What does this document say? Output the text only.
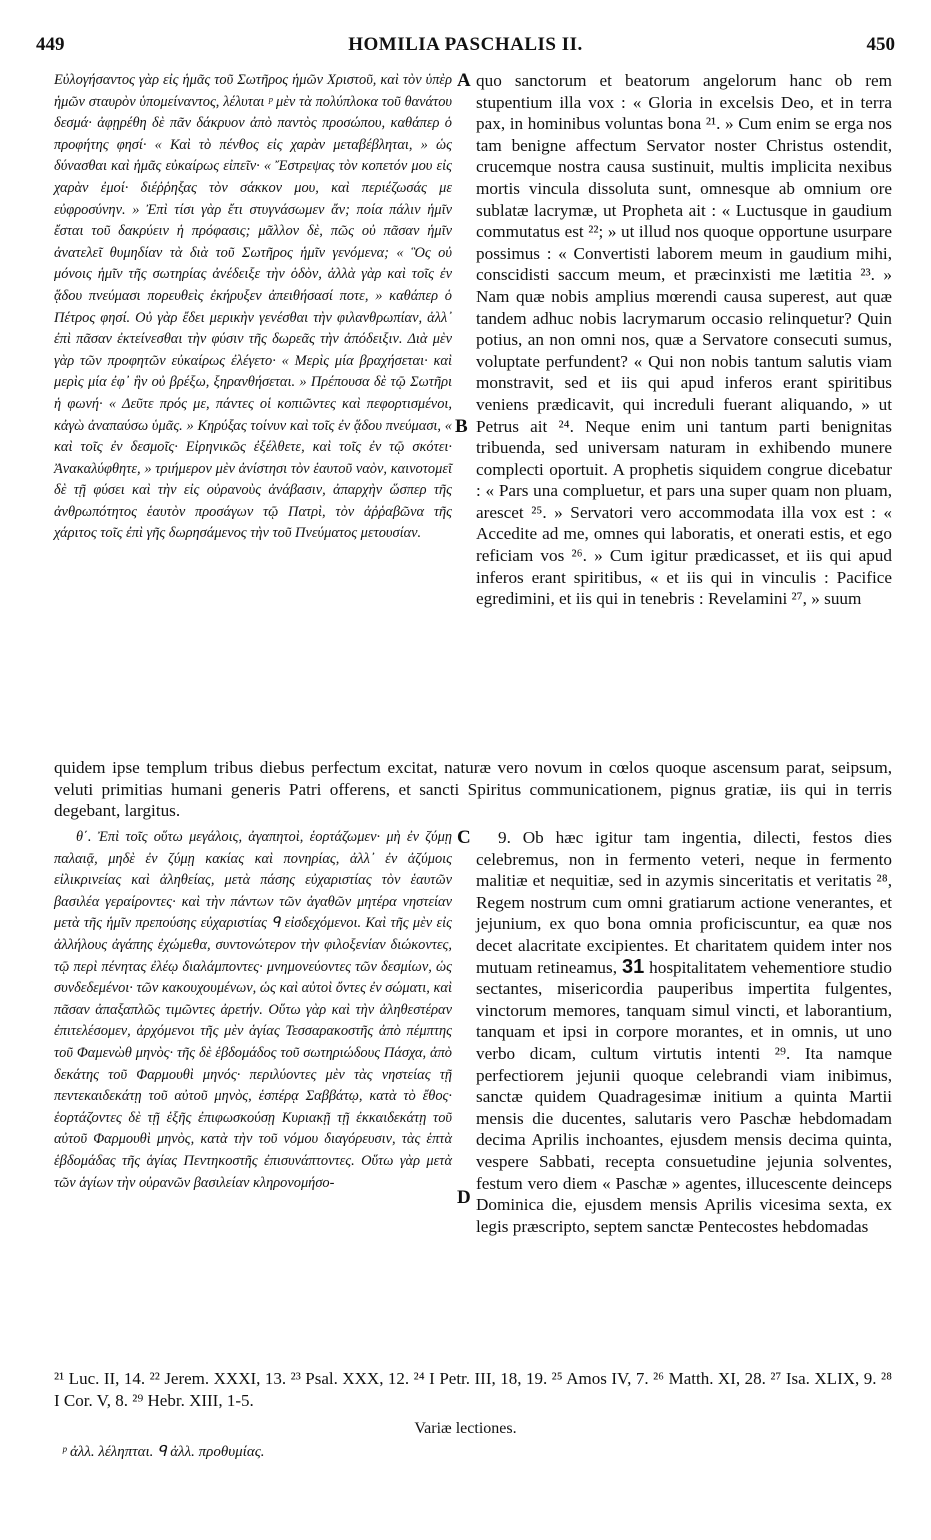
449	HOMILIA PASCHALIS II.	450
A
B
C
D

Εὐλογήσαντος γὰρ εἰς ἡμᾶς τοῦ Σωτῆρος ἡμῶν Χριστοῦ, καὶ τὸν ὑπὲρ ἡμῶν σταυρὸν ὑπομείναντος, λέλυται ᵖ μὲν τὰ πολύπλοκα τοῦ θανάτου δεσμά· ἀφῃρέθη δὲ πᾶν δάκρυον ἀπὸ παντὸς προσώπου, καθάπερ ὁ προφήτης φησί· « Καὶ τὸ πένθος εἰς χαρὰν μεταβέβληται, » ὡς δύνασθαι καὶ ἡμᾶς εὐκαίρως εἰπεῖν· « Ἔστρεψας τὸν κοπετόν μου εἰς χαρὰν ἐμοί· διέῤῥηξας τὸν σάκκον μου, καὶ περιέζωσάς με εὐφροσύνην. » Ἐπὶ τίσι γὰρ ἔτι στυγνάσωμεν ἄν; ποία πάλιν ἡμῖν ἔσται τοῦ δακρύειν ἡ πρόφασις; μᾶλλον δὲ, πῶς οὐ πᾶσαν ἡμῖν ἀνατελεῖ θυμηδίαν τὰ διὰ τοῦ Σωτῆρος ἡμῖν γενόμενα; « Ὃς οὐ μόνοις ἡμῖν τῆς σωτηρίας ἀνέδειξε τὴν ὁδὸν, ἀλλὰ γὰρ καὶ τοῖς ἐν ᾅδου πνεύμασι πορευθεὶς ἐκήρυξεν ἀπειθήσασί ποτε, » καθάπερ ὁ Πέτρος φησί. Οὐ γὰρ ἔδει μερικὴν γενέσθαι τὴν φιλανθρωπίαν, ἀλλ᾽ ἐπὶ πᾶσαν ἐκτείνεσθαι τὴν φύσιν τῆς δωρεᾶς τὴν ἀπόδειξιν. Διὰ μὲν γὰρ τῶν προφητῶν εὐκαίρως ἐλέγετο· « Μερὶς μία βραχήσεται· καὶ μερὶς μία ἐφ᾽ ἣν οὐ βρέξω, ξηρανθήσεται. » Πρέπουσα δὲ τῷ Σωτῆρι ἡ φωνή· « Δεῦτε πρός με, πάντες οἱ κοπιῶντες καὶ πεφορτισμένοι, κἀγὼ ἀναπαύσω ὑμᾶς. » Κηρύξας τοίνυν καὶ τοῖς ἐν ᾅδου πνεύμασι, « καὶ τοῖς ἐν δεσμοῖς· Εἰρηνικῶς ἐξέλθετε, καὶ τοῖς ἐν τῷ σκότει· Ἀνακαλύφθητε, » τριήμερον μὲν ἀνίστησι τὸν ἑαυτοῦ ναὸν, καινοτομεῖ δὲ τῇ φύσει καὶ τὴν εἰς οὐρανοὺς ἀνάβασιν, ἀπαρχὴν ὥσπερ τῆς ἀνθρωπότητος ἑαυτὸν προσάγων τῷ Πατρὶ, τὸν ἀῤῥαβῶνα τῆς χάριτος τοῖς ἐπὶ γῆς δωρησάμενος τὴν τοῦ Πνεύματος μετουσίαν.

quo sanctorum et beatorum angelorum hanc ob rem stupentium illa vox : « Gloria in excelsis Deo, et in terra pax, in hominibus voluntas bona ²¹. » Cum enim se erga nos tam benigne affectum Servator noster Christus ostendit, crucemque nostra causa sustinuit, multis implicita nexibus mortis vincula dissoluta sunt, omnesque ab omnium ore sublatæ lacrymæ, ut Propheta ait : « Luctusque in gaudium commutatus est ²²; » ut illud nos quoque opportune usurpare possimus : « Convertisti laborem meum in gaudium mihi, conscidisti saccum meum, et præcinxisti me lætitia ²³. » Nam quæ nobis amplius mœrendi causa superest, aut quæ tandem adhuc nobis lacrymarum occasio relinquetur? Quin potius, an non omni nos, quæ a Servatore consecuti sumus, voluptate perfundent? « Qui non nobis tantum salutis viam monstravit, sed et iis qui apud inferos erant spiritibus veniens prædicavit, qui increduli fuerant aliquando, » ut Petrus ait ²⁴. Neque enim uni tantum parti benignitas tribuenda, sed universam naturam in exhibendo munere complecti oportuit. A prophetis siquidem congrue dicebatur : « Pars una compluetur, et pars una super quam non pluam, arescet ²⁵. » Servatori vero accommodata illa vox est : « Accedite ad me, omnes qui laboratis, et onerati estis, et ego reficiam vos ²⁶. » Cum igitur prædicasset, et iis qui apud inferos erant spiritibus, « et iis qui in vinculis : Pacifice egredimini, et iis qui in tenebris : Revelamini ²⁷, » suum

quidem ipse templum tribus diebus perfectum excitat, naturæ vero novum in cœlos quoque ascensum parat, seipsum, veluti primitias humani generis Patri offerens, et sancti Spiritus communicationem, pignus gratiæ, iis qui in terris degebant, largitus.

θ΄. Ἐπὶ τοῖς οὕτω μεγάλοις, ἀγαπητοὶ, ἑορτάζωμεν· μὴ ἐν ζύμῃ παλαιᾷ, μηδὲ ἐν ζύμῃ κακίας καὶ πονηρίας, ἀλλ᾽ ἐν ἀζύμοις εἰλικρινείας καὶ ἀληθείας, μετὰ πάσης εὐχαριστίας τὸν ἑαυτῶν βασιλέα γεραίροντες· καὶ τὴν πάντων τῶν ἀγαθῶν μητέρα νηστείαν μετὰ τῆς ἡμῖν πρεπούσης εὐχαριστίας ᑫ εἰσδεχόμενοι. Καὶ τῆς μὲν εἰς ἀλλήλους ἀγάπης ἐχώμεθα, συντονώτερον τὴν φιλοξενίαν διώκοντες, τῷ περὶ πένητας ἐλέῳ διαλάμποντες· μνημονεύοντες τῶν δεσμίων, ὡς συνδεδεμένοι· τῶν κακουχουμένων, ὡς καὶ αὐτοὶ ὄντες ἐν σώματι, καὶ πᾶσαν ἀπαξαπλῶς τιμῶντες ἀρετήν. Οὕτω γὰρ καὶ τὴν ἀληθεστέραν ἐπιτελέσομεν, ἀρχόμενοι τῆς μὲν ἁγίας Τεσσαρακοστῆς ἀπὸ πέμπτης τοῦ Φαμενὼθ μηνὸς· τῆς δὲ ἑβδομάδος τοῦ σωτηριώδους Πάσχα, ἀπὸ δεκάτης τοῦ Φαρμουθὶ μηνός· περιλύοντες μὲν τὰς νηστείας τῇ πεντεκαιδεκάτῃ τοῦ αὐτοῦ μηνὸς, ἑσπέρᾳ Σαββάτῳ, κατὰ τὸ ἔθος· ἑορτάζοντες δὲ τῇ ἑξῆς ἐπιφωσκούσῃ Κυριακῇ τῇ ἐκκαιδεκάτῃ τοῦ αὐτοῦ Φαρμουθὶ μηνὸς, κατὰ τὴν τοῦ νόμου διαγόρευσιν, τὰς ἑπτὰ ἑβδομάδας τῆς ἁγίας Πεντηκοστῆς ἐπισυνάπτοντες. Οὕτω γὰρ μετὰ τῶν ἁγίων τὴν οὐρανῶν βασιλείαν κληρονομήσο-

9. Ob hæc igitur tam ingentia, dilecti, festos dies celebremus, non in fermento veteri, neque in fermento malitiæ et nequitiæ, sed in azymis sinceritatis et veritatis ²⁸, Regem nostrum cum omni gratiarum actione venerantes, et jejunium, ex quo bona omnia proficiscuntur, ea quæ nos decet alacritate excipientes. Et charitatem quidem inter nos mutuam retineamus, 31 hospitalitatem vehementiore studio sectantes, misericordia pauperibus impertita fulgentes, vinctorum memores, tanquam simul vincti, et laborantium, tanquam et ipsi in corpore morantes, et in omnis, ut uno verbo dicam, cultum virtutis intenti ²⁹. Ita namque perfectiorem jejunii quoque celebrandi viam inibimus, sanctæ quidem Quadragesimæ initium a quinta Martii mensis die ducentes, salutaris vero Paschæ hebdomadam decima Aprilis inchoantes, ejusdem mensis decima quinta, vespere Sabbati, recepta consuetudine jejunia solventes, festum vero diem « Paschæ » agentes, illucescente deinceps Dominica die, ejusdem mensis Aprilis vicesima sexta, ex legis præscripto, septem sanctæ Pentecostes hebdomadas

²¹ Luc. II, 14. ²² Jerem. XXXI, 13. ²³ Psal. XXX, 12. ²⁴ I Petr. III, 18, 19. ²⁵ Amos IV, 7. ²⁶ Matth. XI, 28. ²⁷ Isa. XLIX, 9. ²⁸ I Cor. V, 8. ²⁹ Hebr. XIII, 1-5.
Variæ lectiones.
ᵖ ἀλλ. λέληπται. ᑫ ἀλλ. προθυμίας.
